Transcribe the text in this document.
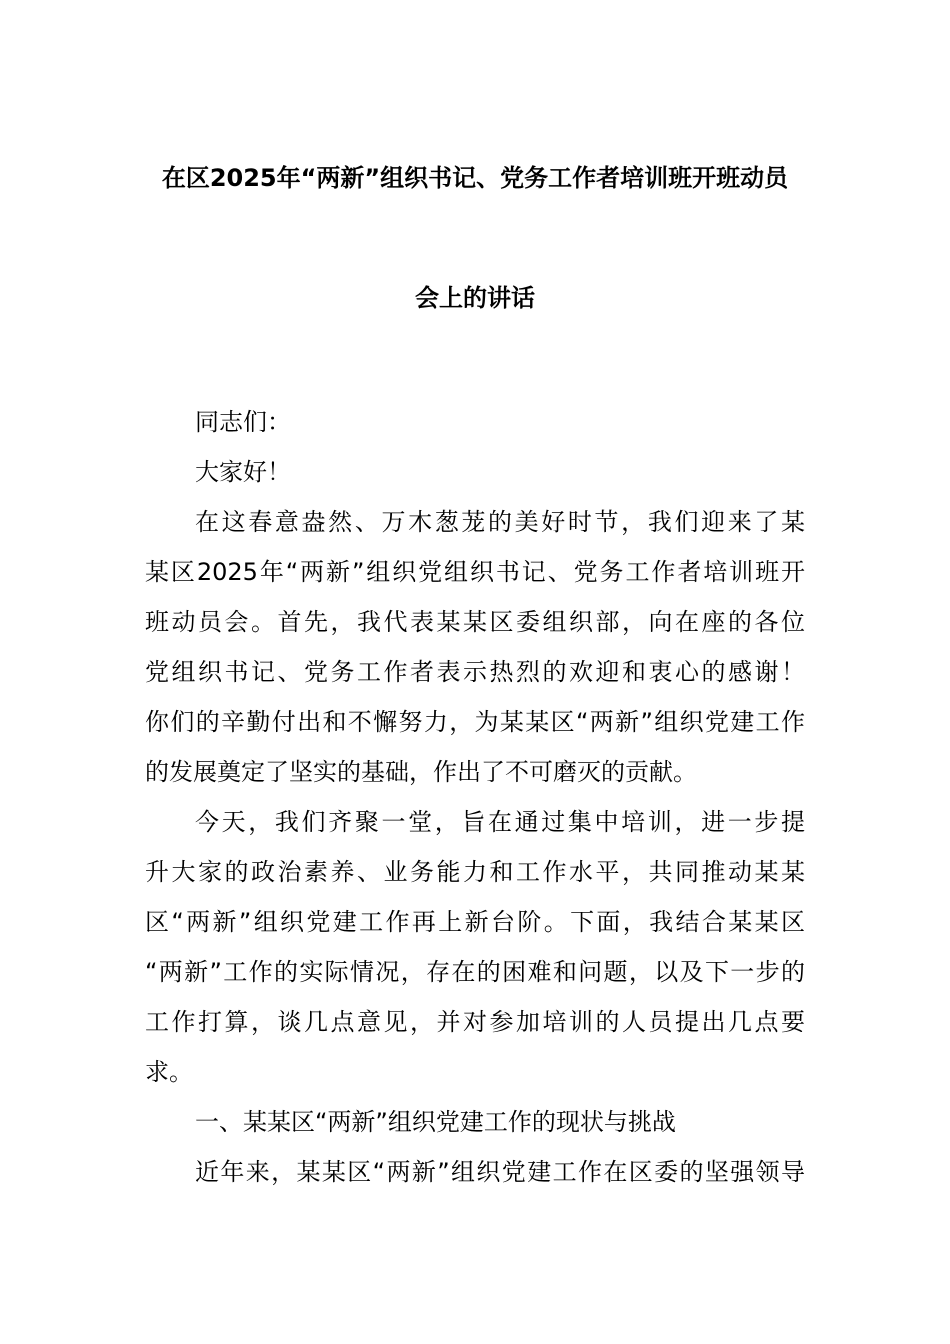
在区2025年“两新”组织书记、党务工作者培训班开班动员
会上的讲话
同志们：
大家好！
在这春意盎然、万木葱茏的美好时节，我们迎来了某
某区2025年“两新”组织党组织书记、党务工作者培训班开
班动员会。首先，我代表某某区委组织部，向在座的各位
党组织书记、党务工作者表示热烈的欢迎和衷心的感谢！
你们的辛勤付出和不懈努力，为某某区“两新”组织党建工作
的发展奠定了坚实的基础，作出了不可磨灭的贡献。
今天，我们齐聚一堂，旨在通过集中培训，进一步提
升大家的政治素养、业务能力和工作水平，共同推动某某
区“两新”组织党建工作再上新台阶。下面，我结合某某区
“两新”工作的实际情况，存在的困难和问题，以及下一步的
工作打算，谈几点意见，并对参加培训的人员提出几点要
求。
一、某某区“两新”组织党建工作的现状与挑战
近年来，某某区“两新”组织党建工作在区委的坚强领导
